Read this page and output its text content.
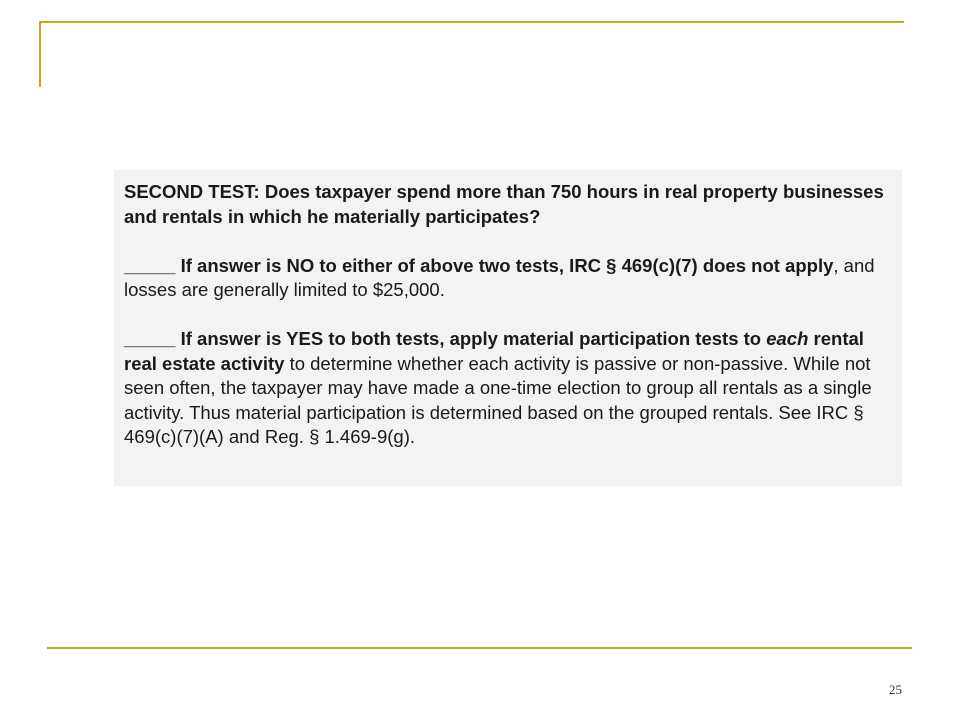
SECOND TEST: Does taxpayer spend more than 750 hours in real property businesses and rentals in which he materially participates?

_____ If answer is NO to either of above two tests, IRC § 469(c)(7) does not apply, and losses are generally limited to $25,000.

_____ If answer is YES to both tests, apply material participation tests to each rental real estate activity to determine whether each activity is passive or non-passive. While not seen often, the taxpayer may have made a one-time election to group all rentals as a single activity. Thus material participation is determined based on the grouped rentals. See IRC § 469(c)(7)(A) and Reg. § 1.469-9(g).

25
